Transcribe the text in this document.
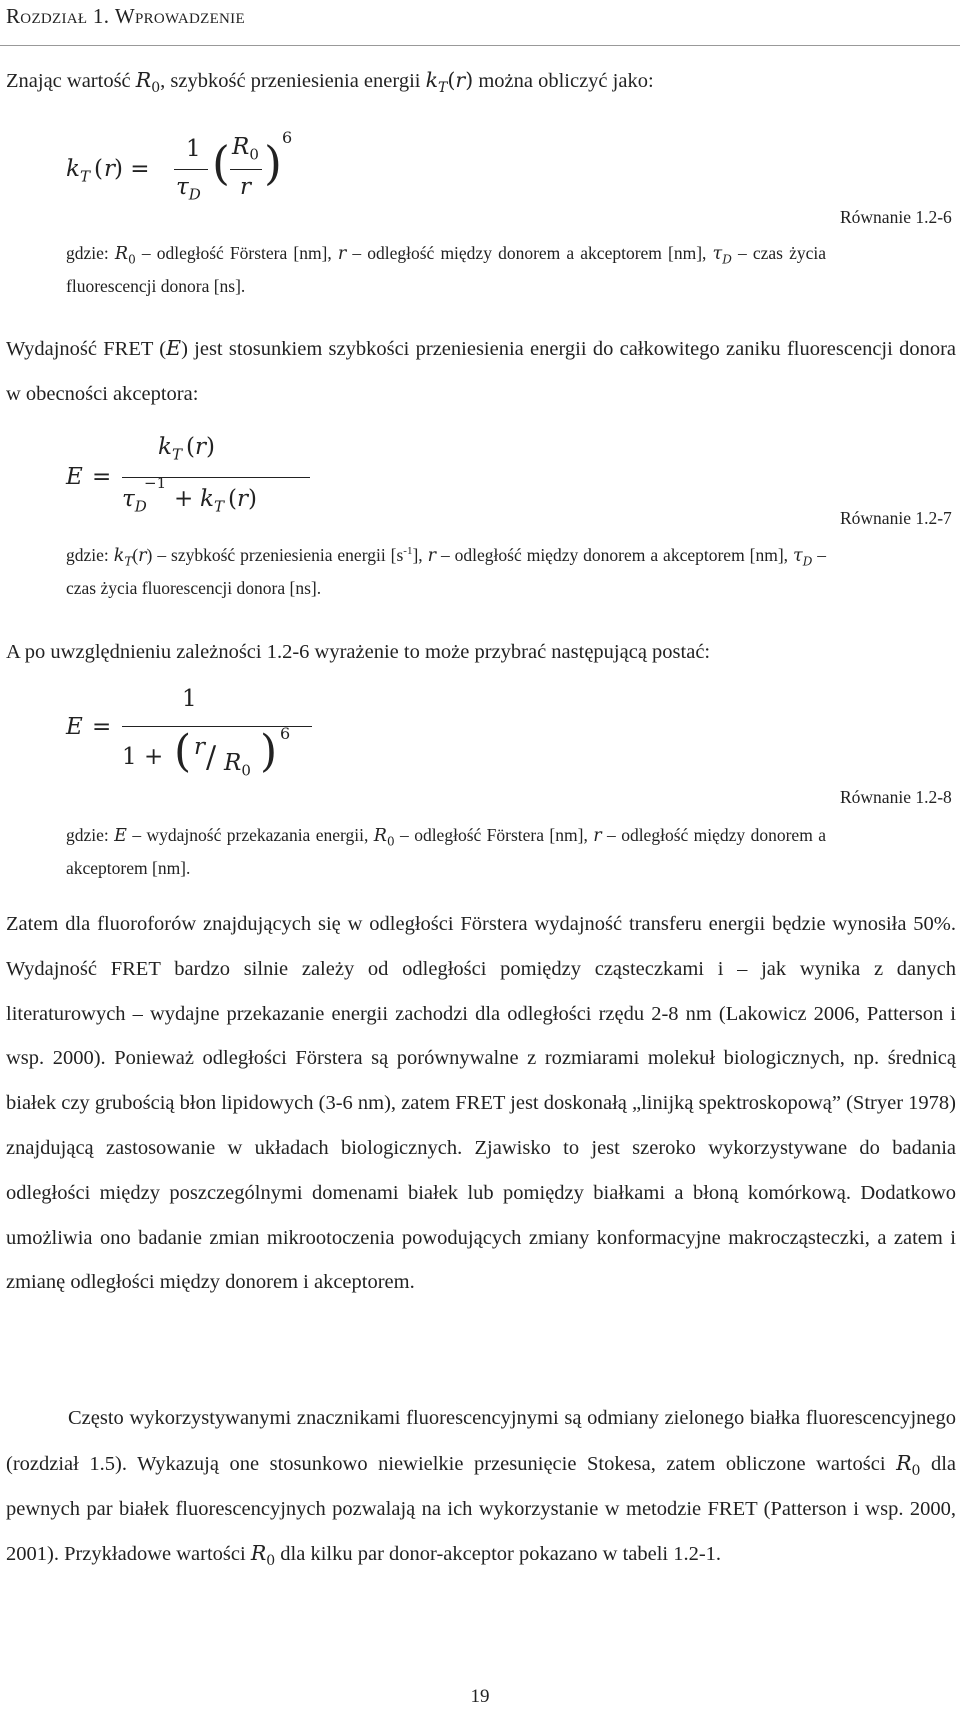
Rozdział 1. Wprowadzenie
Znając wartość $R_0$, szybkość przeniesienia energii $k_T(r)$ można obliczyć jako:
$k_T$ ( r ) =
1
$\tau_D$
( $R_0$
r ) 6
Równanie 1.2-6
gdzie: $R_0$ – odległość Förstera [nm], r – odległość między donorem a akceptorem [nm], $\tau_D$ – czas życia fluorescencji donora [ns].
Wydajność FRET (E) jest stosunkiem szybkości przeniesienia energii do całkowitego zaniku fluorescencji donora w obecności akceptora:
E =
$k_T$ (r)
$\tau_D$
−1
+ $k_T$ (r)
Równanie 1.2-7
gdzie: $k_T(r)$ – szybkość przeniesienia energii $[s^{-1}]$, r – odległość między donorem a akceptorem [nm], $\tau_D$ –czas życia fluorescencji donora [ns].
A po uwzględnieniu zależności 1.2-6 wyrażenie to może przybrać następującą postać:
E =
1
1 + ( r / $R_0$ ) 6
Równanie 1.2-8
gdzie: E – wydajność przekazania energii, $R_0$ – odległość Förstera [nm], r – odległość między donorem a akceptorem [nm].
Zatem dla fluoroforów znajdujących się w odległości Förstera wydajność transferu energii będzie wynosiła 50%. Wydajność FRET bardzo silnie zależy od odległości pomiędzy cząsteczkami i – jak wynika z danych literaturowych – wydajne przekazanie energii zachodzi dla odległości rzędu 2-8 nm (Lakowicz 2006, Patterson i wsp. 2000). Ponieważ odległości Förstera są porównywalne z rozmiarami molekuł biologicznych, np. średnicą białek czy grubością błon lipidowych (3-6 nm), zatem FRET jest doskonałą „linijką spektroskopową” (Stryer 1978) znajdującą zastosowanie w układach biologicznych. Zjawisko to jest szeroko wykorzystywane do badania odległości między poszczególnymi domenami białek lub pomiędzy białkami a błoną komórkową. Dodatkowo umożliwia ono badanie zmian mikrootoczenia powodujących zmiany konformacyjne makrocząsteczki, a zatem i zmianę odległości między donorem i akceptorem.
Często wykorzystywanymi znacznikami fluorescencyjnymi są odmiany zielonego białka fluorescencyjnego (rozdział 1.5). Wykazują one stosunkowo niewielkie przesunięcie Stokesa, zatem obliczone wartości $R_0$ dla pewnych par białek fluorescencyjnych pozwalają na ich wykorzystanie w metodzie FRET (Patterson i wsp. 2000, 2001). Przykładowe wartości $R_0$ dla kilku par donor-akceptor pokazano w tabeli 1.2-1.
19
